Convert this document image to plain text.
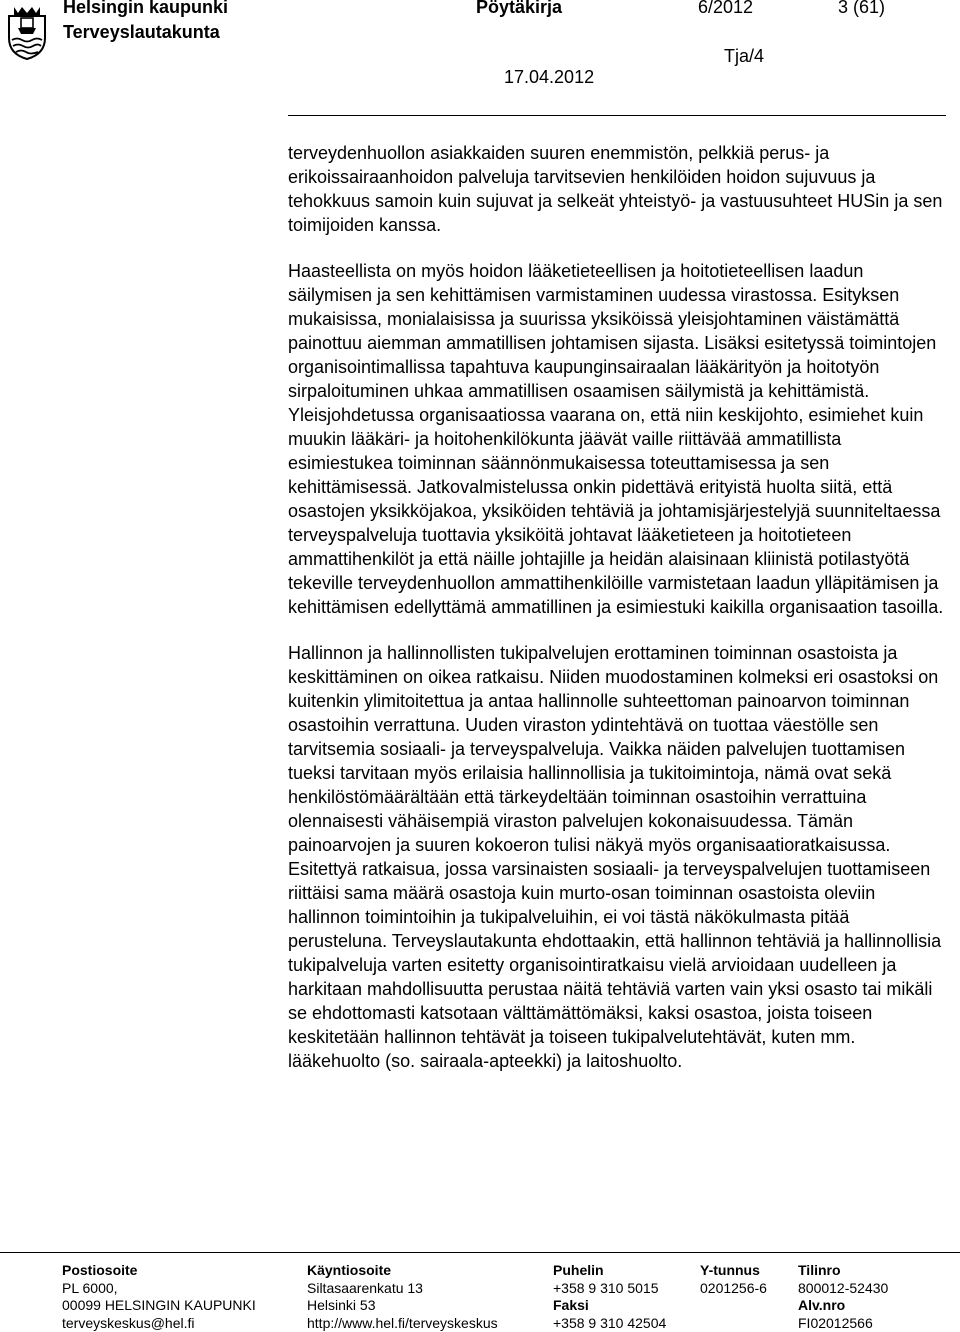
Helsingin kaupunki
Terveyslautakunta
Pöytäkirja	6/2012	3 (61)
Tja/4
17.04.2012

terveydenhuollon asiakkaiden suuren enemmistön, pelkkiä perus- ja erikoissairaanhoidon palveluja tarvitsevien henkilöiden hoidon sujuvuus ja tehokkuus samoin kuin sujuvat ja selkeät yhteistyö- ja vastuusuhteet HUSin ja sen toimijoiden kanssa.

Haasteellista on myös hoidon lääketieteellisen ja hoitotieteellisen laadun säilymisen ja sen kehittämisen varmistaminen uudessa virastossa. Esityksen mukaisissa, monialaisissa ja suurissa yksiköissä yleisjohtaminen väistämättä painottuu aiemman ammatillisen johtamisen sijasta. Lisäksi esitetyssä toimintojen organisointimallissa tapahtuva kaupunginsairaalan lääkärityön ja hoitotyön sirpaloituminen uhkaa ammatillisen osaamisen säilymistä ja kehittämistä. Yleisjohdetussa organisaatiossa vaarana on, että niin keskijohto, esimiehet kuin muukin lääkäri- ja hoitohenkilökunta jäävät vaille riittävää ammatillista esimiestukea toiminnan säännönmukaisessa toteuttamisessa ja sen kehittämisessä. Jatkovalmistelussa onkin pidettävä erityistä huolta siitä, että osastojen yksikköjakoa, yksiköiden tehtäviä ja johtamisjärjestelyjä suunniteltaessa terveyspalveluja tuottavia yksiköitä johtavat lääketieteen ja hoitotieteen ammattihenkilöt ja että näille johtajille ja heidän alaisinaan kliinistä potilastyötä tekeville terveydenhuollon ammattihenkilöille varmistetaan laadun ylläpitämisen ja kehittämisen edellyttämä ammatillinen ja esimiestuki kaikilla organisaation tasoilla.

Hallinnon ja hallinnollisten tukipalvelujen erottaminen toiminnan osastoista ja keskittäminen on oikea ratkaisu. Niiden muodostaminen kolmeksi eri osastoksi on kuitenkin ylimitoitettua ja antaa hallinnolle suhteettoman painoarvon toiminnan osastoihin verrattuna. Uuden viraston ydintehtävä on tuottaa väestölle sen tarvitsemia sosiaali- ja terveyspalveluja. Vaikka näiden palvelujen tuottamisen tueksi tarvitaan myös erilaisia hallinnollisia ja tukitoimintoja, nämä ovat sekä henkilöstömäärältään että tärkeydeltään toiminnan osastoihin verrattuina olennaisesti vähäisempiä viraston palvelujen kokonaisuudessa. Tämän painoarvojen ja suuren kokoeron tulisi näkyä myös organisaatioratkaisussa. Esitettyä ratkaisua, jossa varsinaisten sosiaali- ja terveyspalvelujen tuottamiseen riittäisi sama määrä osastoja kuin murto-osan toiminnan osastoista oleviin hallinnon toimintoihin ja tukipalveluihin, ei voi tästä näkökulmasta pitää perusteluna. Terveyslautakunta ehdottaakin, että hallinnon tehtäviä ja hallinnollisia tukipalveluja varten esitetty organisointiratkaisu vielä arvioidaan uudelleen ja harkitaan mahdollisuutta perustaa näitä tehtäviä varten vain yksi osasto tai mikäli se ehdottomasti katsotaan välttämättömäksi, kaksi osastoa, joista toiseen keskitetään hallinnon tehtävät ja toiseen tukipalvelutehtävät, kuten mm. lääkehuolto (so. sairaala-apteekki) ja laitoshuolto.

Postiosoite
PL 6000,
00099 HELSINGIN KAUPUNKI
terveyskeskus@hel.fi
Käyntiosoite
Siltasaarenkatu 13
Helsinki 53
http://www.hel.fi/terveyskeskus
Puhelin
+358 9 310 5015
Faksi
+358 9 310 42504
Y-tunnus
0201256-6
Tilinro
800012-52430
Alv.nro
FI02012566
